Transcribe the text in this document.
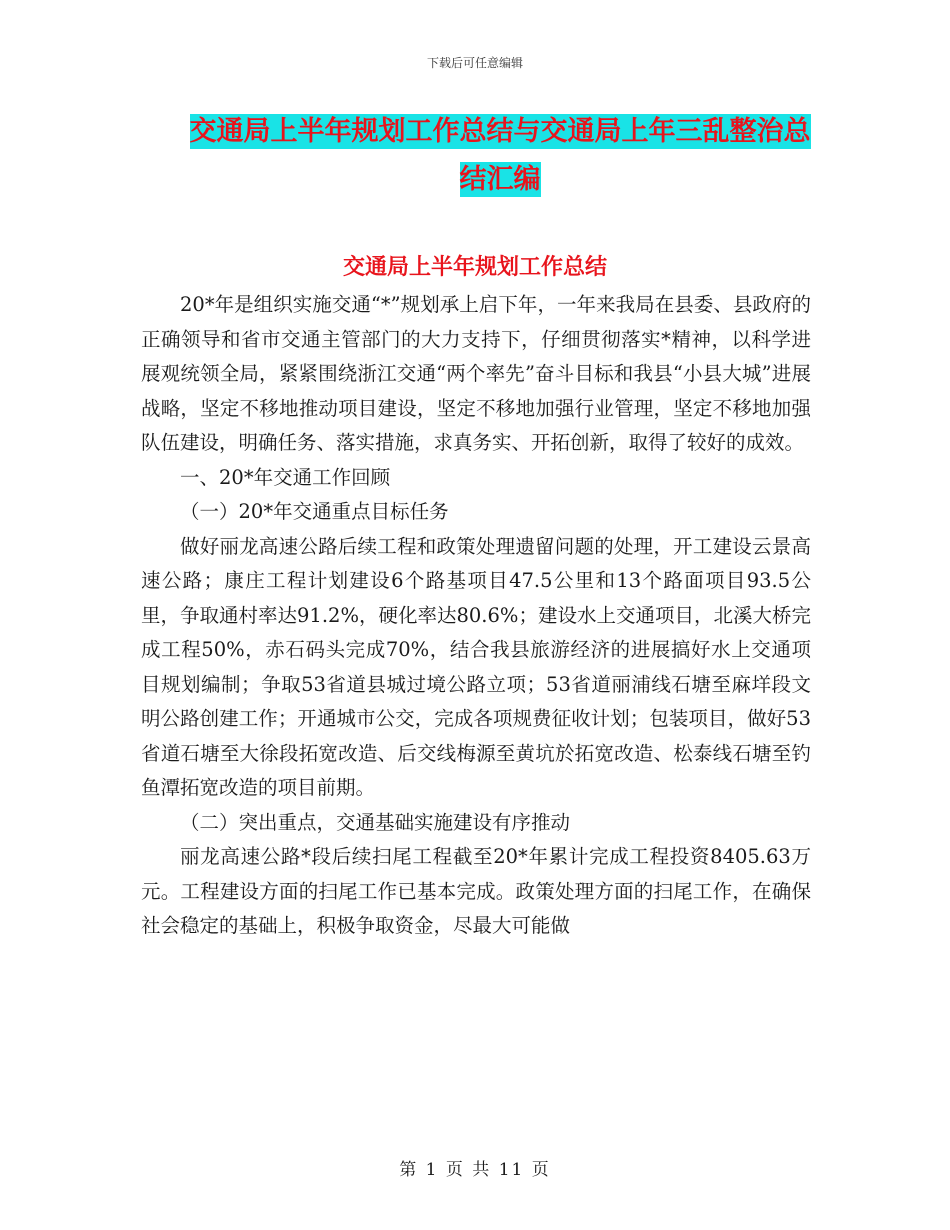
下载后可任意编辑
交通局上半年规划工作总结与交通局上年三乱整治总
结汇编
交通局上半年规划工作总结

20*年是组织实施交通“*”规划承上启下年，一年来我局在县委、县政府的正确领导和省市交通主管部门的大力支持下，仔细贯彻落实*精神，以科学进展观统领全局，紧紧围绕浙江交通“两个率先”奋斗目标和我县“小县大城”进展战略，坚定不移地推动项目建设，坚定不移地加强行业管理，坚定不移地加强队伍建设，明确任务、落实措施，求真务实、开拓创新，取得了较好的成效。

一、20*年交通工作回顾

（一）20*年交通重点目标任务

做好丽龙高速公路后续工程和政策处理遗留问题的处理，开工建设云景高速公路；康庄工程计划建设6个路基项目47.5公里和13个路面项目93.5公里，争取通村率达91.2%，硬化率达80.6%；建设水上交通项目，北溪大桥完成工程50%，赤石码头完成70%，结合我县旅游经济的进展搞好水上交通项目规划编制；争取53省道县城过境公路立项；53省道丽浦线石塘至麻垟段文明公路创建工作；开通城市公交，完成各项规费征收计划；包装项目，做好53省道石塘至大徐段拓宽改造、后交线梅源至黄坑於拓宽改造、松泰线石塘至钓鱼潭拓宽改造的项目前期。

（二）突出重点，交通基础实施建设有序推动

丽龙高速公路*段后续扫尾工程截至20*年累计完成工程投资8405.63万元。工程建设方面的扫尾工作已基本完成。政策处理方面的扫尾工作，在确保社会稳定的基础上，积极争取资金，尽最大可能做

第 1 页 共 11 页
